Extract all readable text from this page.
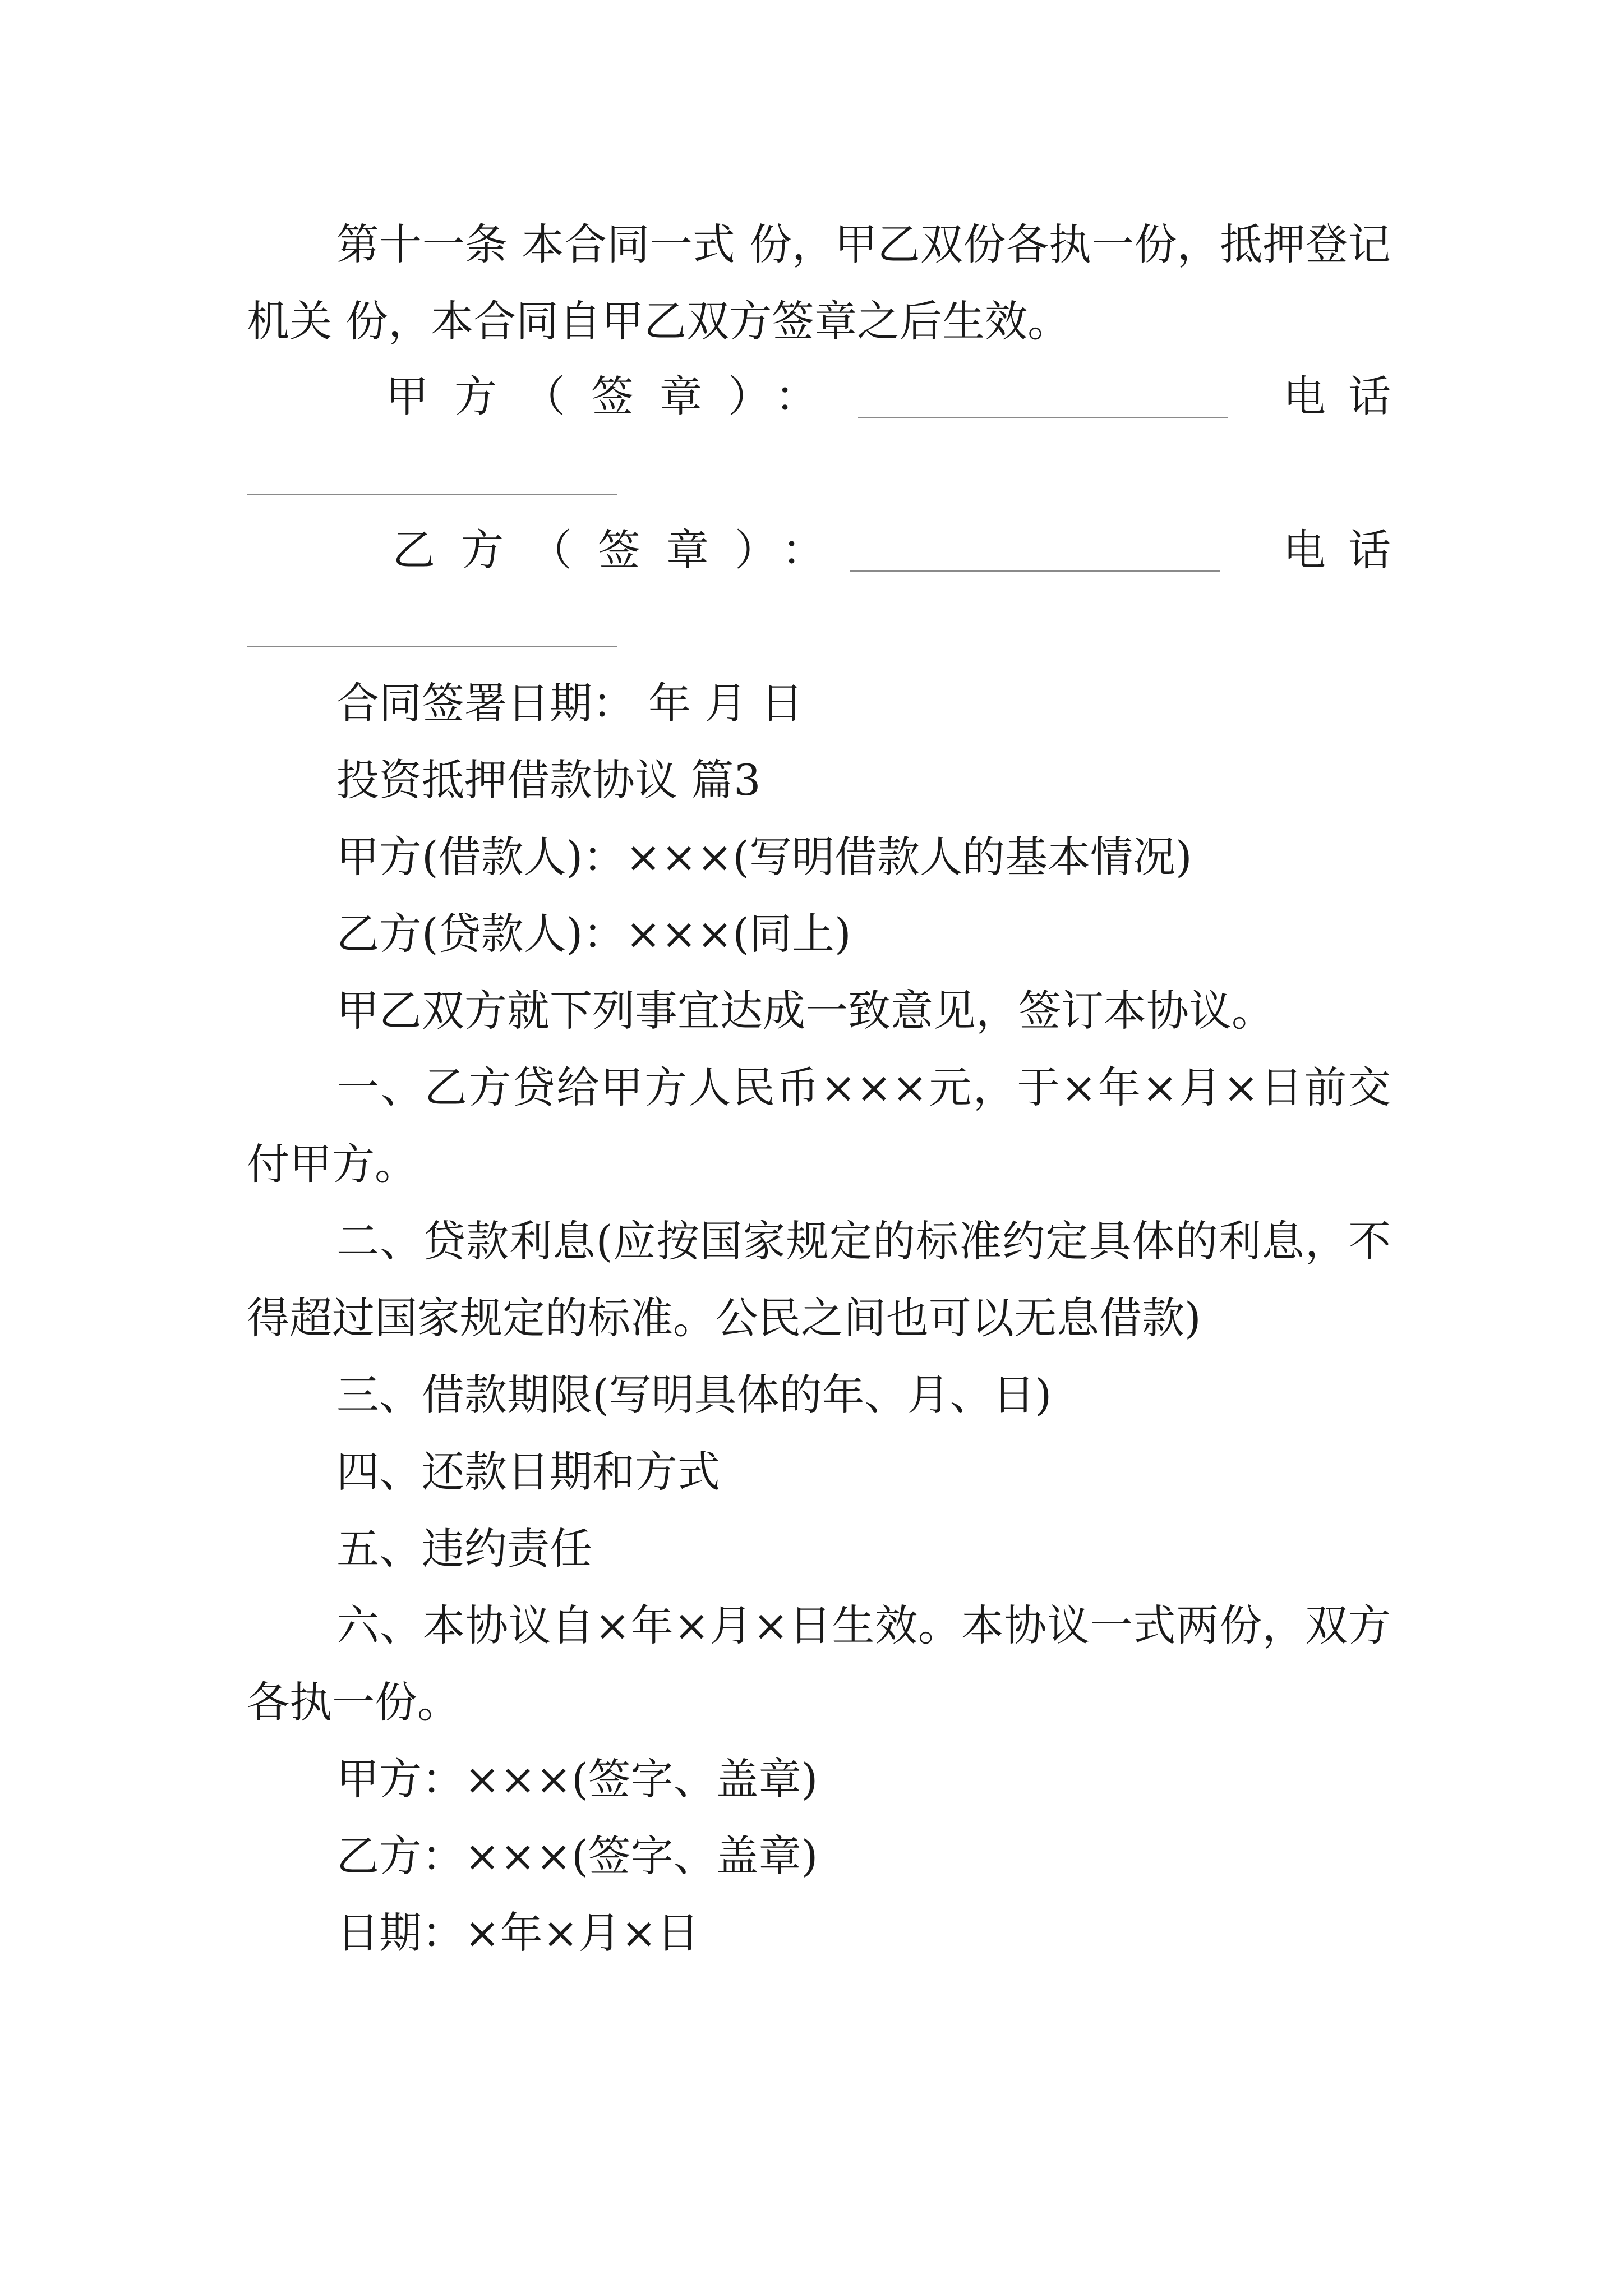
第十一条 本合同一式 份，甲乙双份各执一份，抵押登记机关 份，本合同自甲乙双方签章之后生效。

甲方（签章）：	电话
乙方（签章）：	电话

合同签署日期： 年 月 日

投资抵押借款协议 篇3

甲方(借款人)：×××(写明借款人的基本情况)

乙方(贷款人)：×××(同上)

甲乙双方就下列事宜达成一致意见，签订本协议。

一、乙方贷给甲方人民币×××元，于×年×月×日前交付甲方。

二、贷款利息(应按国家规定的标准约定具体的利息，不得超过国家规定的标准。公民之间也可以无息借款)

三、借款期限(写明具体的年、月、日)

四、还款日期和方式

五、违约责任

六、本协议自×年×月×日生效。本协议一式两份，双方各执一份。

甲方：×××(签字、盖章)

乙方：×××(签字、盖章)

日期：×年×月×日
